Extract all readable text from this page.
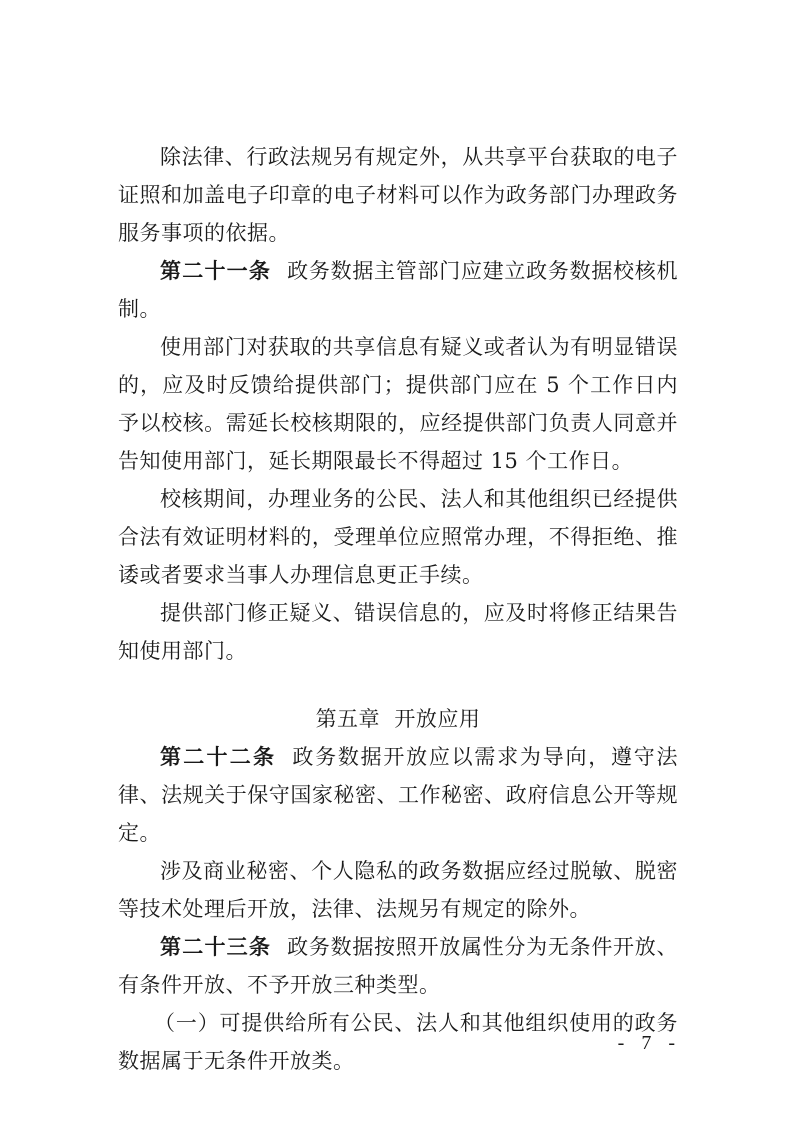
除法律、行政法规另有规定外，从共享平台获取的电子证照和加盖电子印章的电子材料可以作为政务部门办理政务服务事项的依据。

第二十一条 政务数据主管部门应建立政务数据校核机制。

使用部门对获取的共享信息有疑义或者认为有明显错误的，应及时反馈给提供部门；提供部门应在 5 个工作日内予以校核。需延长校核期限的，应经提供部门负责人同意并告知使用部门，延长期限最长不得超过 15 个工作日。

校核期间，办理业务的公民、法人和其他组织已经提供合法有效证明材料的，受理单位应照常办理，不得拒绝、推诿或者要求当事人办理信息更正手续。

提供部门修正疑义、错误信息的，应及时将修正结果告知使用部门。

第五章  开放应用

第二十二条 政务数据开放应以需求为导向，遵守法律、法规关于保守国家秘密、工作秘密、政府信息公开等规定。

涉及商业秘密、个人隐私的政务数据应经过脱敏、脱密等技术处理后开放，法律、法规另有规定的除外。

第二十三条 政务数据按照开放属性分为无条件开放、有条件开放、不予开放三种类型。

（一）可提供给所有公民、法人和其他组织使用的政务数据属于无条件开放类。

- 7 -
